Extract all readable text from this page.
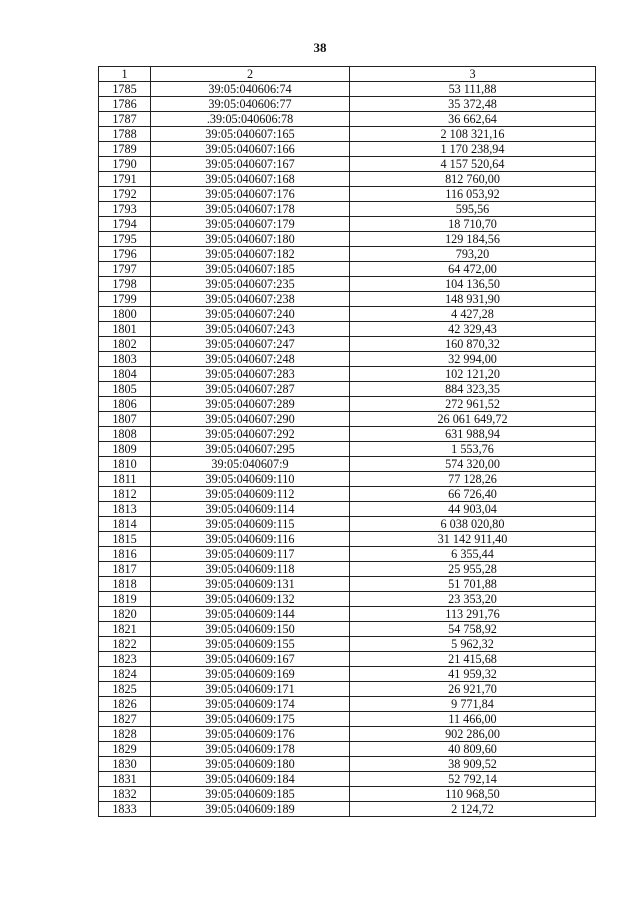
38
1	2	3
1785	39:05:040606:74	53 111,88
1786	39:05:040606:77	35 372,48
1787	.39:05:040606:78	36 662,64
1788	39:05:040607:165	2 108 321,16
1789	39:05:040607:166	1 170 238,94
1790	39:05:040607:167	4 157 520,64
1791	39:05:040607:168	812 760,00
1792	39:05:040607:176	116 053,92
1793	39:05:040607:178	595,56
1794	39:05:040607:179	18 710,70
1795	39:05:040607:180	129 184,56
1796	39:05:040607:182	793,20
1797	39:05:040607:185	64 472,00
1798	39:05:040607:235	104 136,50
1799	39:05:040607:238	148 931,90
1800	39:05:040607:240	4 427,28
1801	39:05:040607:243	42 329,43
1802	39:05:040607:247	160 870,32
1803	39:05:040607:248	32 994,00
1804	39:05:040607:283	102 121,20
1805	39:05:040607:287	884 323,35
1806	39:05:040607:289	272 961,52
1807	39:05:040607:290	26 061 649,72
1808	39:05:040607:292	631 988,94
1809	39:05:040607:295	1 553,76
1810	39:05:040607:9	574 320,00
1811	39:05:040609:110	77 128,26
1812	39:05:040609:112	66 726,40
1813	39:05:040609:114	44 903,04
1814	39:05:040609:115	6 038 020,80
1815	39:05:040609:116	31 142 911,40
1816	39:05:040609:117	6 355,44
1817	39:05:040609:118	25 955,28
1818	39:05:040609:131	51 701,88
1819	39:05:040609:132	23 353,20
1820	39:05:040609:144	113 291,76
1821	39:05:040609:150	54 758,92
1822	39:05:040609:155	5 962,32
1823	39:05:040609:167	21 415,68
1824	39:05:040609:169	41 959,32
1825	39:05:040609:171	26 921,70
1826	39:05:040609:174	9 771,84
1827	39:05:040609:175	11 466,00
1828	39:05:040609:176	902 286,00
1829	39:05:040609:178	40 809,60
1830	39:05:040609:180	38 909,52
1831	39:05:040609:184	52 792,14
1832	39:05:040609:185	110 968,50
1833	39:05:040609:189	2 124,72
